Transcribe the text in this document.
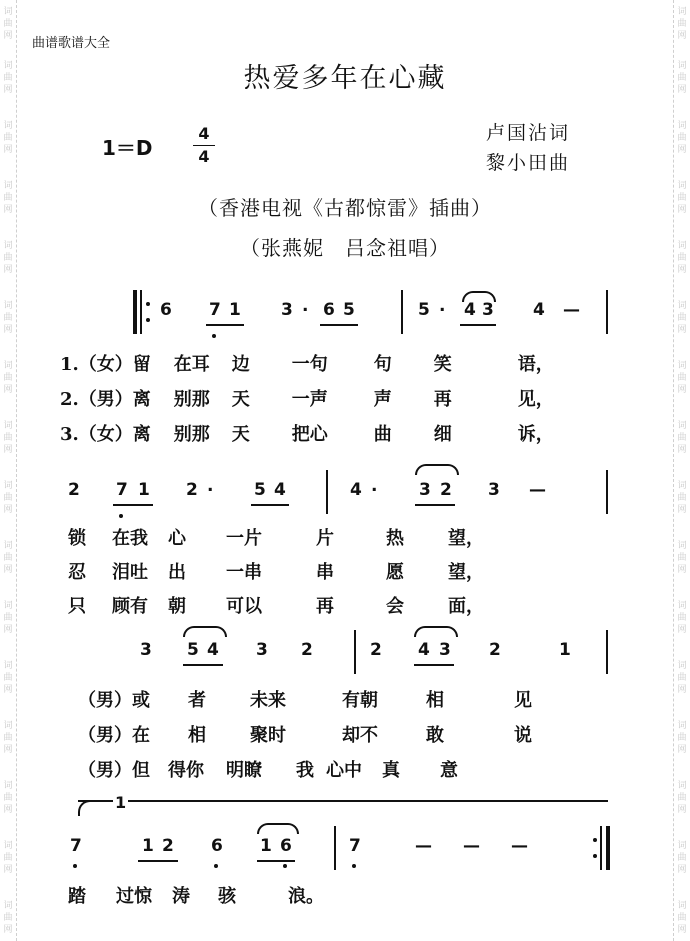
词曲网
词曲网
词曲网
词曲网
词曲网
词曲网
词曲网
词曲网
词曲网
词曲网
词曲网
词曲网
词曲网
词曲网
词曲网
词曲网
词曲网
词曲网
词曲网
词曲网
词曲网
词曲网
词曲网
词曲网
词曲网
词曲网
词曲网
词曲网
词曲网
词曲网
词曲网
词曲网
曲谱歌谱大全
热爱多年在心藏
1＝D
4
4
卢国沾词
黎小田曲
（香港电视《古都惊雷》插曲）
（张燕妮　吕念祖唱）
6 7 1 3 . 6 5	5 . 4 3 4 —
1.（女）留 在耳 边 一句	句 笑	语，
2.（男）离 别那 天 一声	声 再	见，
3.（女）离 别那 天 把心	曲 细	诉，
2 7 1 2 . 5 4	4 . 3 2 3 —
锁 在我 心 一片	片	热 望，
忍 泪吐 出 一串	串	愿 望，
只 顾有 朝 可以	再	会 面，
3 5 4 3 2	2 4 3 2	1
（男）或 者 未来	有朝	相	见
（男）在 相 聚时	却不	敢	说
（男）但 得你 明瞭 我 心中 真 意
1
7	1 2 6 1 6	7	— — —
踏 过惊 涛 骇	浪。
